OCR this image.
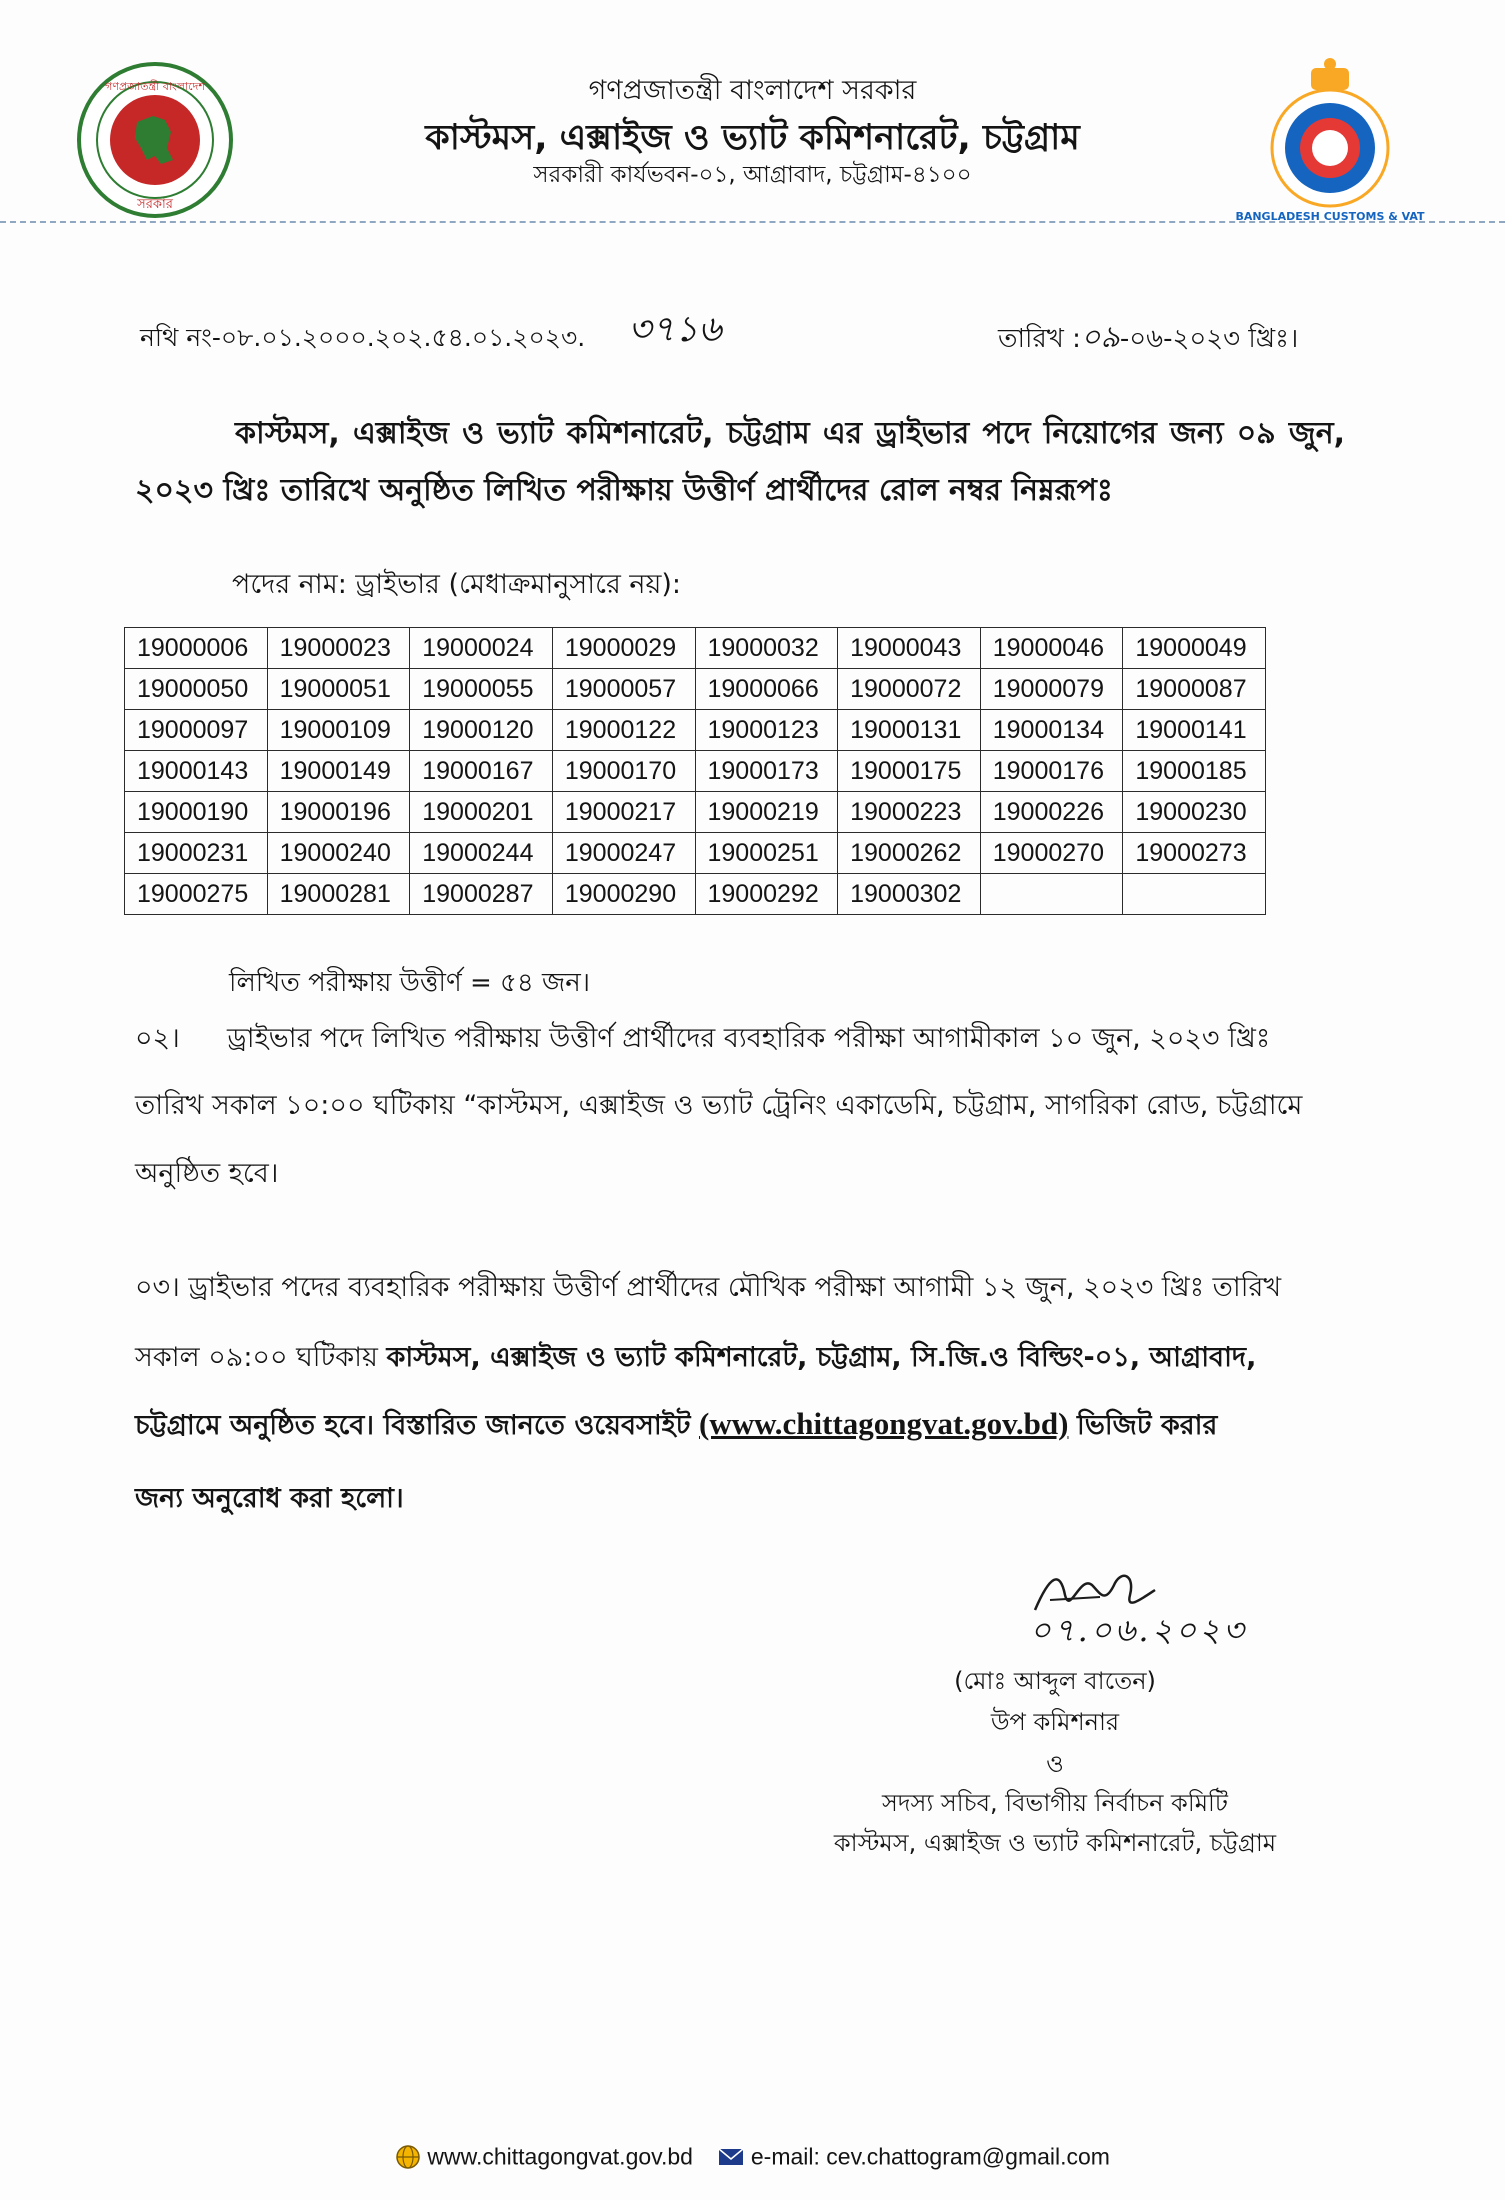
গণপ্রজাতন্ত্রী বাংলাদেশ
সরকার
BANGLADESH CUSTOMS & VAT
গণপ্রজাতন্ত্রী বাংলাদেশ সরকার
কাস্টমস, এক্সাইজ ও ভ্যাট কমিশনারেট, চট্টগ্রাম
সরকারী কার্যভবন-০১, আগ্রাবাদ, চট্টগ্রাম-৪১০০
নথি নং-০৮.০১.২০০০.২০২.৫৪.০১.২০২৩. ৩৭১৬	তারিখ :০৯-০৬-২০২৩ খ্রিঃ।
কাস্টমস, এক্সাইজ ও ভ্যাট কমিশনারেট, চট্টগ্রাম এর ড্রাইভার পদে নিয়োগের জন্য ০৯ জুন, ২০২৩ খ্রিঃ তারিখে অনুষ্ঠিত লিখিত পরীক্ষায় উত্তীর্ণ প্রার্থীদের রোল নম্বর নিম্নরূপঃ
পদের নাম: ড্রাইভার (মেধাক্রমানুসারে নয়):
19000006	19000023	19000024	19000029	19000032	19000043	19000046	19000049
19000050	19000051	19000055	19000057	19000066	19000072	19000079	19000087
19000097	19000109	19000120	19000122	19000123	19000131	19000134	19000141
19000143	19000149	19000167	19000170	19000173	19000175	19000176	19000185
19000190	19000196	19000201	19000217	19000219	19000223	19000226	19000230
19000231	19000240	19000244	19000247	19000251	19000262	19000270	19000273
19000275	19000281	19000287	19000290	19000292	19000302		
লিখিত পরীক্ষায় উত্তীর্ণ = ৫৪ জন।
০২। ড্রাইভার পদে লিখিত পরীক্ষায় উত্তীর্ণ প্রার্থীদের ব্যবহারিক পরীক্ষা আগামীকাল ১০ জুন, ২০২৩ খ্রিঃ
তারিখ সকাল ১০:০০ ঘটিকায় “কাস্টমস, এক্সাইজ ও ভ্যাট ট্রেনিং একাডেমি, চট্টগ্রাম, সাগরিকা রোড, চট্টগ্রামে
অনুষ্ঠিত হবে।
০৩। ড্রাইভার পদের ব্যবহারিক পরীক্ষায় উত্তীর্ণ প্রার্থীদের মৌখিক পরীক্ষা আগামী ১২ জুন, ২০২৩ খ্রিঃ তারিখ
সকাল ০৯:০০ ঘটিকায় কাস্টমস, এক্সাইজ ও ভ্যাট কমিশনারেট, চট্টগ্রাম, সি.জি.ও বিল্ডিং-০১, আগ্রাবাদ,
চট্টগ্রামে অনুষ্ঠিত হবে। বিস্তারিত জানতে ওয়েবসাইট (www.chittagongvat.gov.bd) ভিজিট করার
জন্য অনুরোধ করা হলো।
০৭.০৬.২০২৩
(মোঃ আব্দুল বাতেন)
উপ কমিশনার
ও
সদস্য সচিব, বিভাগীয় নির্বাচন কমিটি
কাস্টমস, এক্সাইজ ও ভ্যাট কমিশনারেট, চট্টগ্রাম
www.chittagongvat.gov.bd	e-mail: cev.chattogram@gmail.com
